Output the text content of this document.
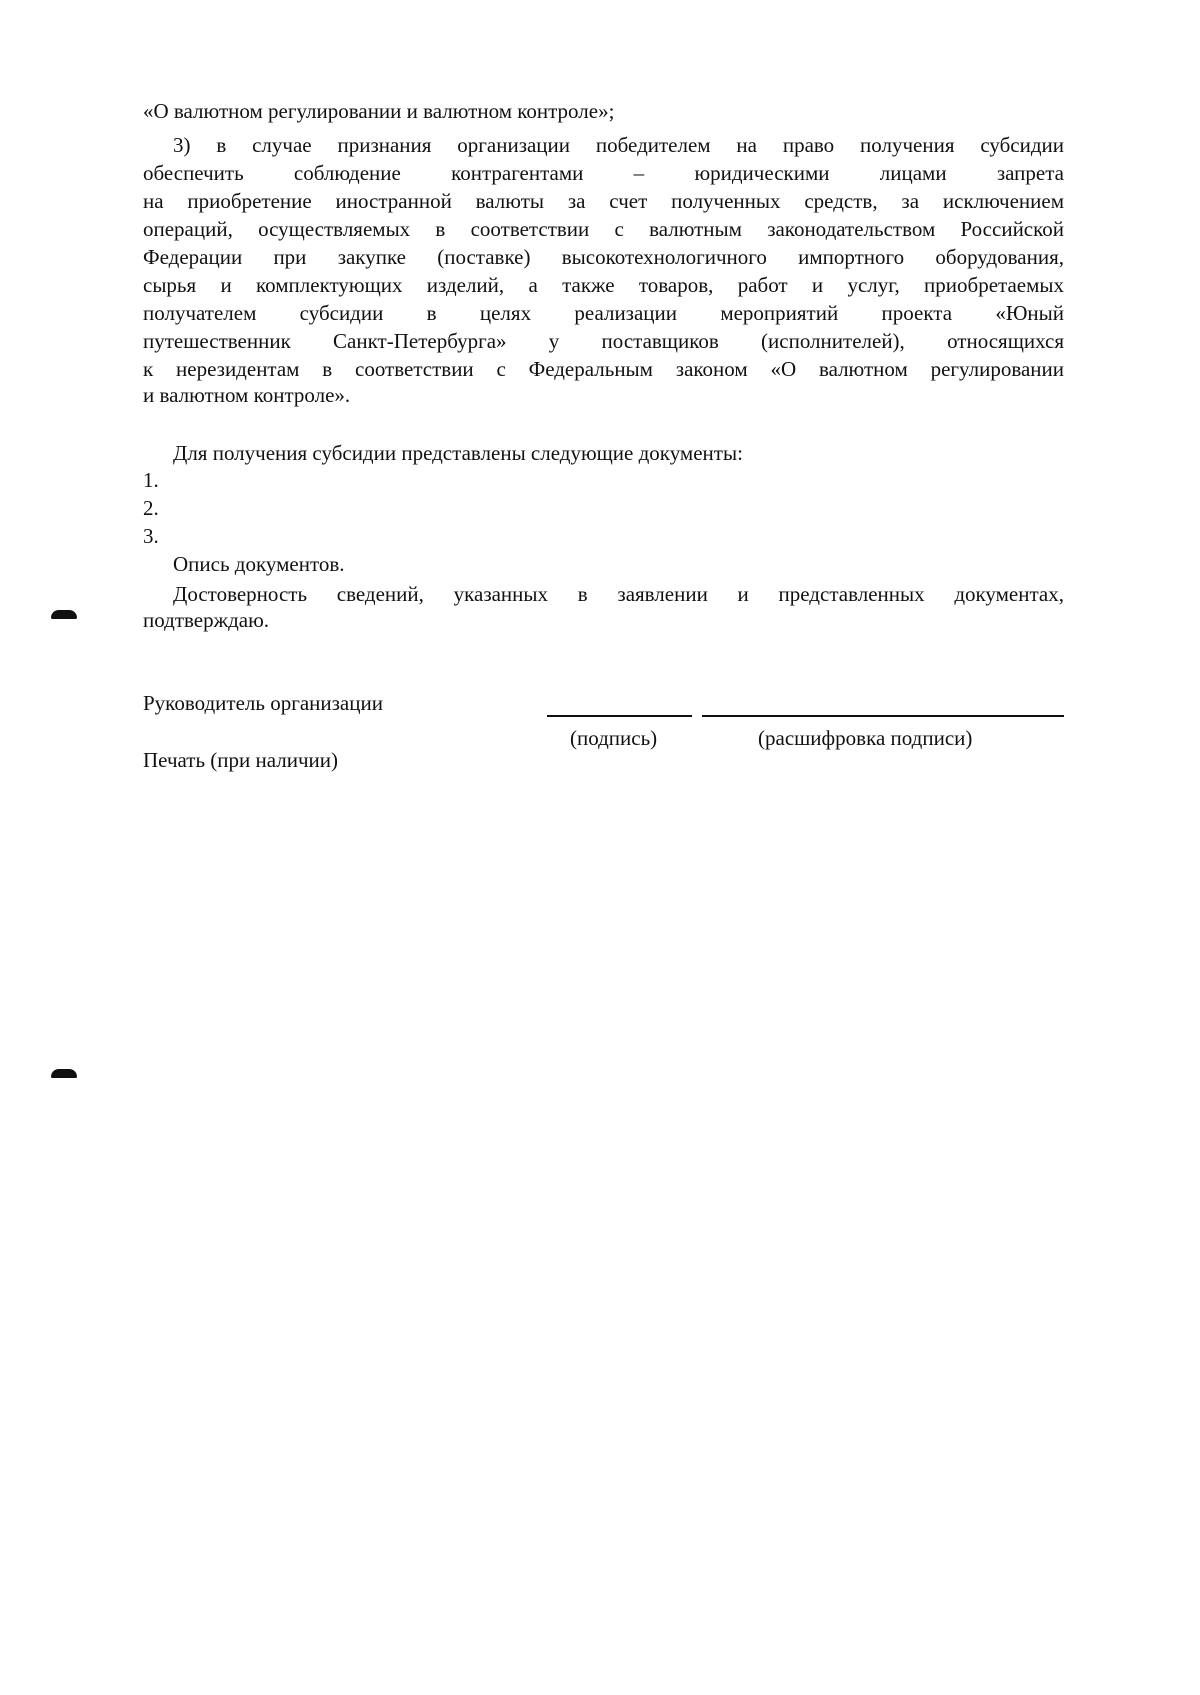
«О валютном регулировании и валютном контроле»;
3) в случае признания организации победителем на право получения субсидии
обеспечить соблюдение контрагентами – юридическими лицами запрета
на приобретение иностранной валюты за счет полученных средств, за исключением
операций, осуществляемых в соответствии с валютным законодательством Российской
Федерации при закупке (поставке) высокотехнологичного импортного оборудования,
сырья и комплектующих изделий, а также товаров, работ и услуг, приобретаемых
получателем субсидии в целях реализации мероприятий проекта «Юный
путешественник Санкт-Петербурга» у поставщиков (исполнителей), относящихся
к нерезидентам в соответствии с Федеральным законом «О валютном регулировании
и валютном контроле».
Для получения субсидии представлены следующие документы:
1.
2.
3.
Опись документов.
Достоверность сведений, указанных в заявлении и представленных документах,
подтверждаю.
Руководитель организации
(подпись)	(расшифровка подписи)
Печать (при наличии)
